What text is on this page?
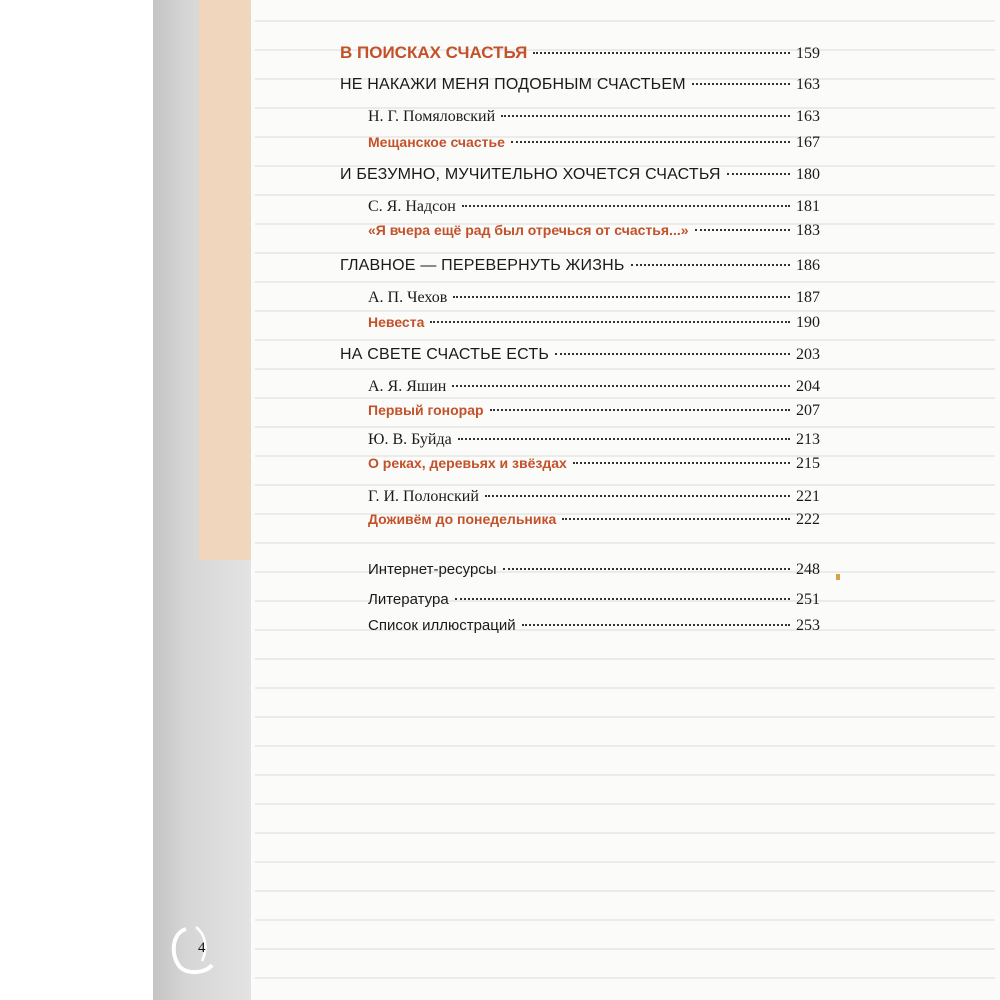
В ПОИСКАХ СЧАСТЬЯ	159
НЕ НАКАЖИ МЕНЯ ПОДОБНЫМ СЧАСТЬЕМ	163
Н. Г. Помяловский	163
Мещанское счастье	167
И БЕЗУМНО, МУЧИТЕЛЬНО ХОЧЕТСЯ СЧАСТЬЯ	180
С. Я. Надсон	181
«Я вчера ещё рад был отречься от счастья...»	183
ГЛАВНОЕ — ПЕРЕВЕРНУТЬ ЖИЗНЬ	186
А. П. Чехов	187
Невеста	190
НА СВЕТЕ СЧАСТЬЕ ЕСТЬ	203
А. Я. Яшин	204
Первый гонорар	207
Ю. В. Буйда	213
О реках, деревьях и звёздах	215
Г. И. Полонский	221
Доживём до понедельника	222
Интернет-ресурсы	248
Литература	251
Список иллюстраций	253
4
